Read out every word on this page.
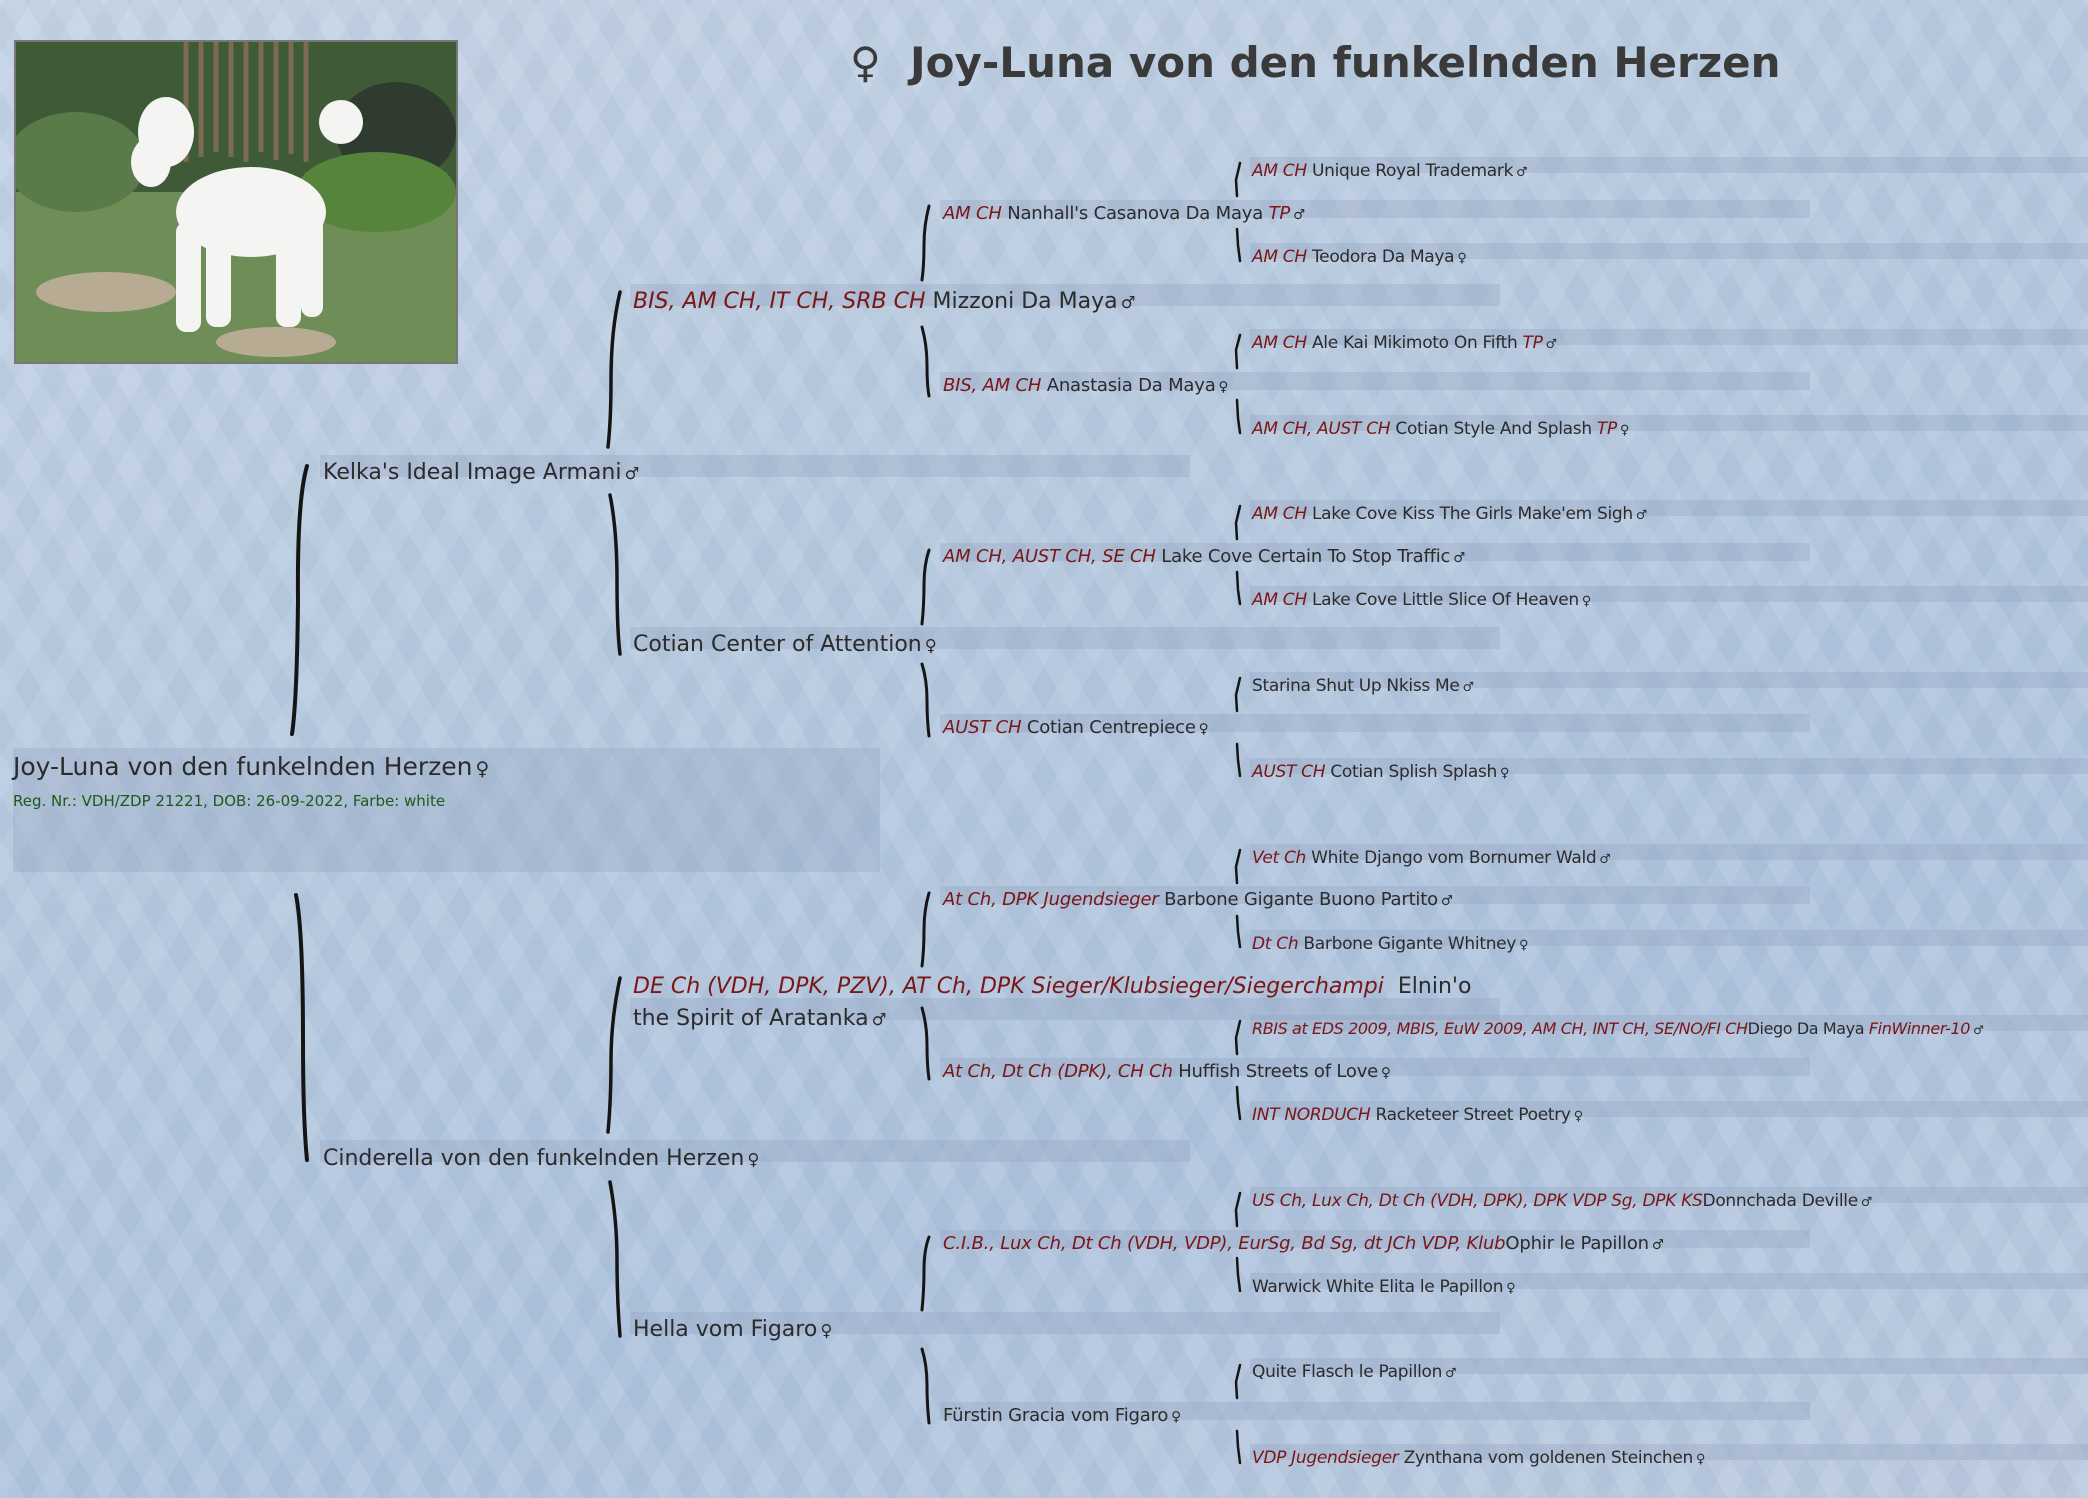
♀ Joy-Luna von den funkelnden Herzen
Joy-Luna von den funkelnden Herzen ♀
Reg. Nr.: VDH/ZDP 21221, DOB: 26-09-2022, Farbe: white
Kelka's Ideal Image Armani ♂
Cinderella von den funkelnden Herzen ♀
BIS, AM CH, IT CH, SRB CH Mizzoni Da Maya ♂
Cotian Center of Attention ♀
DE Ch (VDH, DPK, PZV), AT Ch, DPK Sieger/Klubsieger/Siegerchampi Elnin'o the Spirit of Aratanka ♂
Hella vom Figaro ♀
AM CH Nanhall's Casanova Da Maya TP ♂
BIS, AM CH Anastasia Da Maya ♀
AM CH, AUST CH, SE CH Lake Cove Certain To Stop Traffic ♂
AUST CH Cotian Centrepiece ♀
At Ch, DPK Jugendsieger Barbone Gigante Buono Partito ♂
At Ch, Dt Ch (DPK), CH Ch Huffish Streets of Love ♀
C.I.B., Lux Ch, Dt Ch (VDH, VDP), EurSg, Bd Sg, dt JCh VDP, KlubOphir le Papillon ♂
Fürstin Gracia vom Figaro ♀
AM CH Unique Royal Trademark ♂
AM CH Teodora Da Maya ♀
AM CH Ale Kai Mikimoto On Fifth TP ♂
AM CH, AUST CH Cotian Style And Splash TP ♀
AM CH Lake Cove Kiss The Girls Make'em Sigh ♂
AM CH Lake Cove Little Slice Of Heaven ♀
Starina Shut Up Nkiss Me ♂
AUST CH Cotian Splish Splash ♀
Vet Ch White Django vom Bornumer Wald ♂
Dt Ch Barbone Gigante Whitney ♀
RBIS at EDS 2009, MBIS, EuW 2009, AM CH, INT CH, SE/NO/FI CHDiego Da Maya FinWinner-10 ♂
INT NORDUCH Racketeer Street Poetry ♀
US Ch, Lux Ch, Dt Ch (VDH, DPK), DPK VDP Sg, DPK KSDonnchada Deville ♂
Warwick White Elita le Papillon ♀
Quite Flasch le Papillon ♂
VDP Jugendsieger Zynthana vom goldenen Steinchen ♀
